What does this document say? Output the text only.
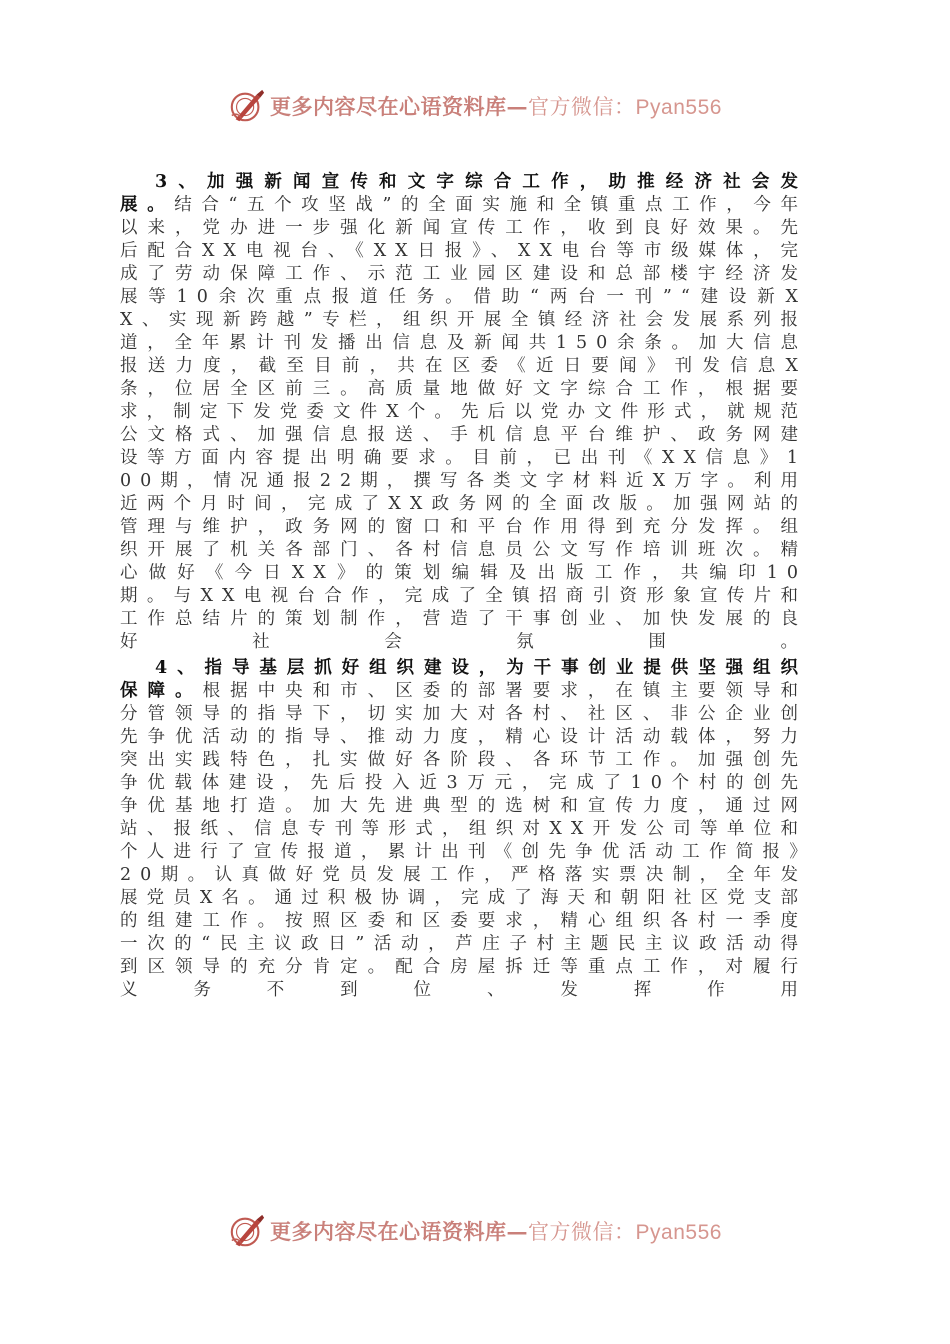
更多内容尽在心语资料库—官方微信：Pyan556

3、加强新闻宣传和文字综合工作，助推经济社会发展。结合“五个攻坚战”的全面实施和全镇重点工作，今年以来，党办进一步强化新闻宣传工作，收到良好效果。先后配合XX电视台、《XX日报》、XX电台等市级媒体，完成了劳动保障工作、示范工业园区建设和总部楼宇经济发展等10余次重点报道任务。借助“两台一刊”“建设新XX、实现新跨越”专栏，组织开展全镇经济社会发展系列报道，全年累计刊发播出信息及新闻共150余条。加大信息报送力度，截至目前，共在区委《近日要闻》刊发信息X条，位居全区前三。高质量地做好文字综合工作，根据要求，制定下发党委文件X个。先后以党办文件形式，就规范公文格式、加强信息报送、手机信息平台维护、政务网建设等方面内容提出明确要求。目前，已出刊《XX信息》100期，情况通报22期，撰写各类文字材料近X万字。利用近两个月时间，完成了XX政务网的全面改版。加强网站的管理与维护，政务网的窗口和平台作用得到充分发挥。组织开展了机关各部门、各村信息员公文写作培训班次。精心做好《今日XX》的策划编辑及出版工作，共编印10期。与XX电视台合作，完成了全镇招商引资形象宣传片和工作总结片的策划制作，营造了干事创业、加快发展的良好社会氛围。

4、指导基层抓好组织建设，为干事创业提供坚强组织保障。根据中央和市、区委的部署要求，在镇主要领导和分管领导的指导下，切实加大对各村、社区、非公企业创先争优活动的指导、推动力度，精心设计活动载体，努力突出实践特色，扎实做好各阶段、各环节工作。加强创先争优载体建设，先后投入近3万元，完成了10个村的创先争优基地打造。加大先进典型的选树和宣传力度，通过网站、报纸、信息专刊等形式，组织对XX开发公司等单位和个人进行了宣传报道，累计出刊《创先争优活动工作简报》20期。认真做好党员发展工作，严格落实票决制，全年发展党员X名。通过积极协调，完成了海天和朝阳社区党支部的组建工作。按照区委和区委要求，精心组织各村一季度一次的“民主议政日”活动，芦庄子村主题民主议政活动得到区领导的充分肯定。配合房屋拆迁等重点工作，对履行义务不到位、发挥作用

更多内容尽在心语资料库—官方微信：Pyan556
